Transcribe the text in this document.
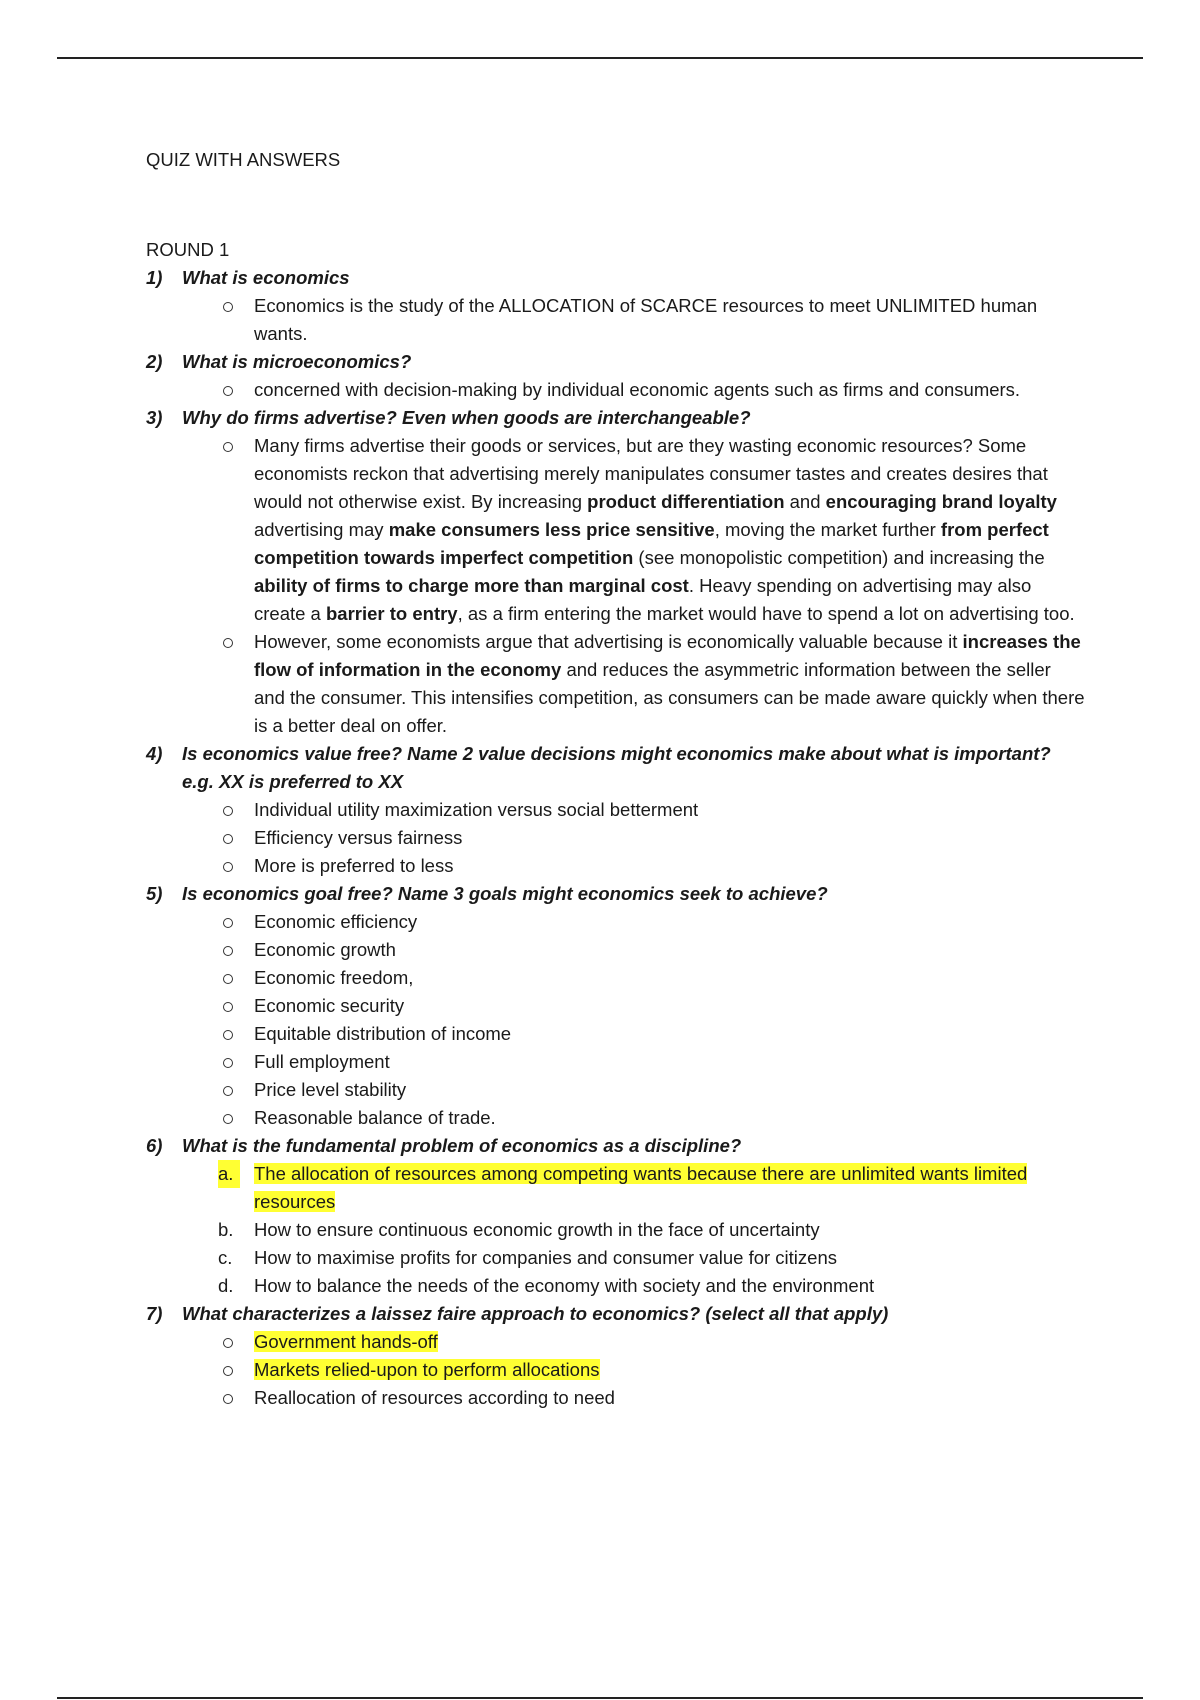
QUIZ WITH ANSWERS

ROUND 1

1) What is economics
Economics is the study of the ALLOCATION of SCARCE resources to meet UNLIMITED human wants.
2) What is microeconomics?
concerned with decision-making by individual economic agents such as firms and consumers.
3) Why do firms advertise? Even when goods are interchangeable?
Many firms advertise their goods or services, but are they wasting economic resources? Some economists reckon that advertising merely manipulates consumer tastes and creates desires that would not otherwise exist. By increasing product differentiation and encouraging brand loyalty advertising may make consumers less price sensitive, moving the market further from perfect competition towards imperfect competition (see monopolistic competition) and increasing the ability of firms to charge more than marginal cost. Heavy spending on advertising may also create a barrier to entry, as a firm entering the market would have to spend a lot on advertising too.
However, some economists argue that advertising is economically valuable because it increases the flow of information in the economy and reduces the asymmetric information between the seller and the consumer. This intensifies competition, as consumers can be made aware quickly when there is a better deal on offer.
4) Is economics value free? Name 2 value decisions might economics make about what is important? e.g. XX is preferred to XX
Individual utility maximization versus social betterment
Efficiency versus fairness
More is preferred to less
5) Is economics goal free? Name 3 goals might economics seek to achieve?
Economic efficiency
Economic growth
Economic freedom,
Economic security
Equitable distribution of income
Full employment
Price level stability
Reasonable balance of trade.
6) What is the fundamental problem of economics as a discipline?
a.	The allocation of resources among competing wants because there are unlimited wants limited resources
b.	How to ensure continuous economic growth in the face of uncertainty
c.	How to maximise profits for companies and consumer value for citizens
d.	How to balance the needs of the economy with society and the environment
7) What characterizes a laissez faire approach to economics? (select all that apply)
Government hands-off
Markets relied-upon to perform allocations
Reallocation of resources according to need
